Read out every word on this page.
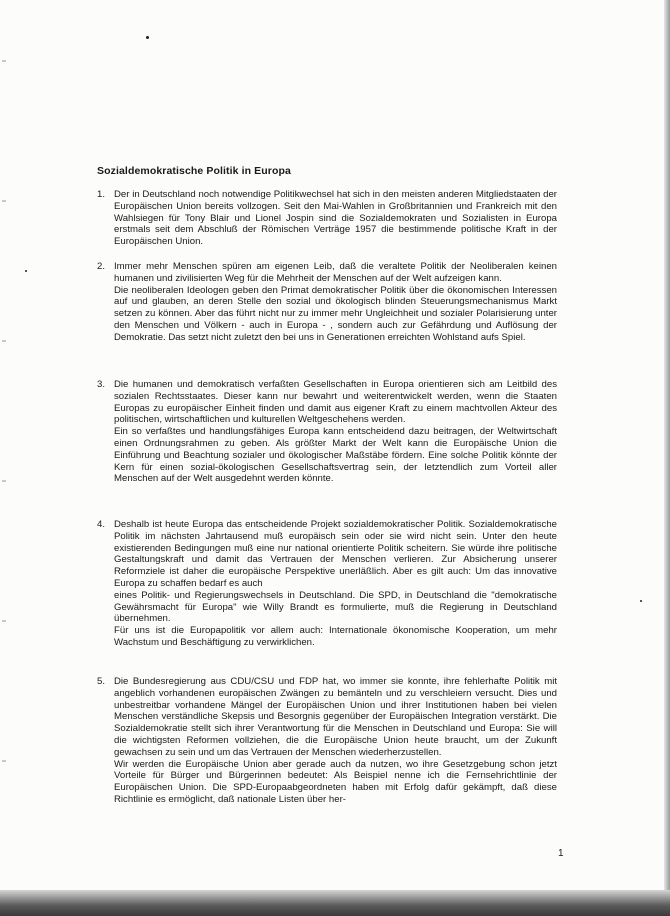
Sozialdemokratische Politik in Europa
1. Der in Deutschland noch notwendige Politikwechsel hat sich in den meisten anderen Mitgliedstaaten der Europäischen Union bereits vollzogen. Seit den Mai-Wahlen in Großbritannien und Frankreich mit den Wahlsiegen für Tony Blair und Lionel Jospin sind die Sozialdemokraten und Sozialisten in Europa erstmals seit dem Abschluß der Römischen Verträge 1957 die bestimmende politische Kraft in der Europäischen Union.

2. Immer mehr Menschen spüren am eigenen Leib, daß die veraltete Politik der Neoliberalen keinen humanen und zivilisierten Weg für die Mehrheit der Menschen auf der Welt aufzeigen kann.

Die neoliberalen Ideologen geben den Primat demokratischer Politik über die ökonomischen Interessen auf und glauben, an deren Stelle den sozial und ökologisch blinden Steuerungsmechanismus Markt setzen zu können. Aber das führt nicht nur zu immer mehr Ungleichheit und sozialer Polarisierung unter den Menschen und Völkern - auch in Europa - , sondern auch zur Gefährdung und Auflösung der Demokratie. Das setzt nicht zuletzt den bei uns in Generationen erreichten Wohlstand aufs Spiel.

3. Die humanen und demokratisch verfaßten Gesellschaften in Europa orientieren sich am Leitbild des sozialen Rechtsstaates. Dieser kann nur bewahrt und weiterentwickelt werden, wenn die Staaten Europas zu europäischer Einheit finden und damit aus eigener Kraft zu einem machtvollen Akteur des politischen, wirtschaftlichen und kulturellen Weltgeschehens werden.

Ein so verfaßtes und handlungsfähiges Europa kann entscheidend dazu beitragen, der Weltwirtschaft einen Ordnungsrahmen zu geben. Als größter Markt der Welt kann die Europäische Union die Einführung und Beachtung sozialer und ökologischer Maßstäbe fördern. Eine solche Politik könnte der Kern für einen sozial-ökologischen Gesellschaftsvertrag sein, der letztendlich zum Vorteil aller Menschen auf der Welt ausgedehnt werden könnte.

4. Deshalb ist heute Europa das entscheidende Projekt sozialdemokratischer Politik. Sozialdemokratische Politik im nächsten Jahrtausend muß europäisch sein oder sie wird nicht sein. Unter den heute existierenden Bedingungen muß eine nur national orientierte Politik scheitern. Sie würde ihre politische Gestaltungskraft und damit das Vertrauen der Menschen verlieren. Zur Absicherung unserer Reformziele ist daher die europäische Perspektive unerläßlich. Aber es gilt auch: Um das innovative Europa zu schaffen bedarf es auch

eines Politik- und Regierungswechsels in Deutschland. Die SPD, in Deutschland die "demokratische Gewährsmacht für Europa" wie Willy Brandt es formulierte, muß die Regierung in Deutschland übernehmen.

Für uns ist die Europapolitik vor allem auch: Internationale ökonomische Kooperation, um mehr Wachstum und Beschäftigung zu verwirklichen.

5. Die Bundesregierung aus CDU/CSU und FDP hat, wo immer sie konnte, ihre fehlerhafte Politik mit angeblich vorhandenen europäischen Zwängen zu bemänteln und zu verschleiern versucht. Dies und unbestreitbar vorhandene Mängel der Europäischen Union und ihrer Institutionen haben bei vielen Menschen verständliche Skepsis und Besorgnis gegenüber der Europäischen Integration verstärkt. Die Sozialdemokratie stellt sich ihrer Verantwortung für die Menschen in Deutschland und Europa: Sie will die wichtigsten Reformen vollziehen, die die Europäische Union heute braucht, um der Zukunft gewachsen zu sein und um das Vertrauen der Menschen wiederherzustellen.

Wir werden die Europäische Union aber gerade auch da nutzen, wo ihre Gesetzgebung schon jetzt Vorteile für Bürger und Bürgerinnen bedeutet: Als Beispiel nenne ich die Fernsehrichtlinie der Europäischen Union. Die SPD-Europaabgeordneten haben mit Erfolg dafür gekämpft, daß diese Richtlinie es ermöglicht, daß nationale Listen über her-

1
